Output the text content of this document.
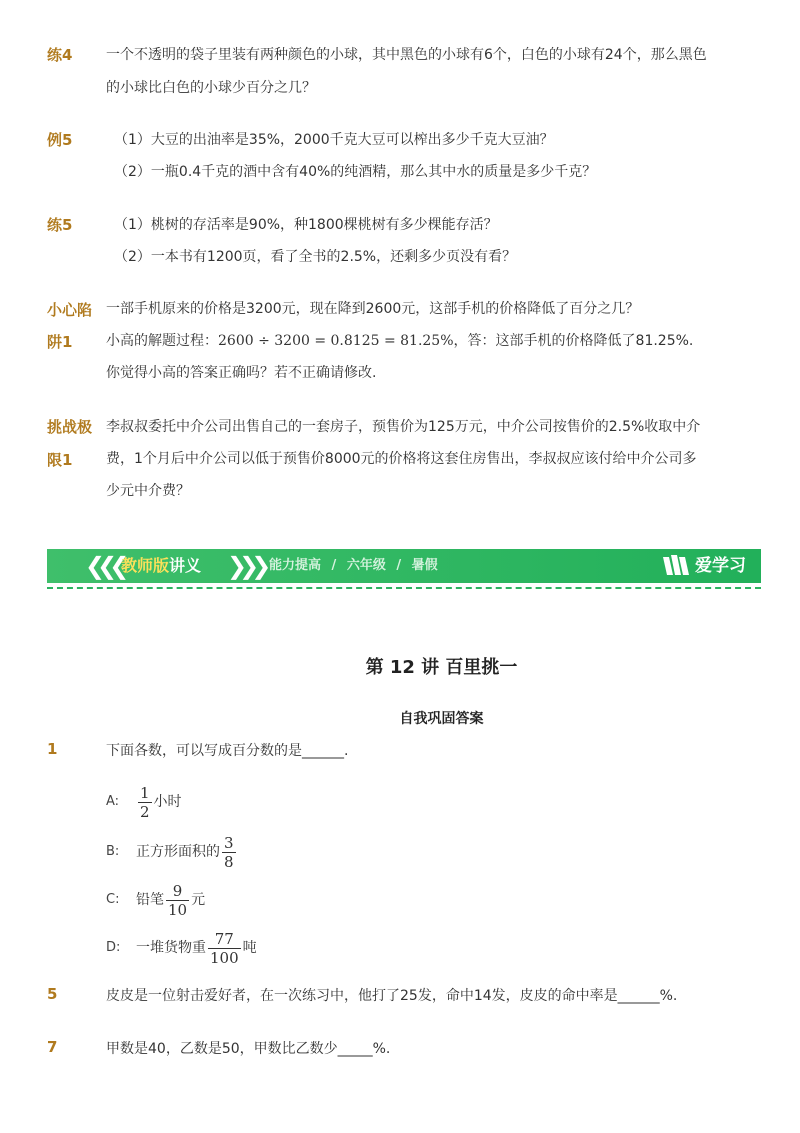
练4 一个不透明的袋子里装有两种颜色的小球，其中黑色的小球有6个，白色的小球有24个，那么黑色
的小球比白色的小球少百分之几？
例5	（1）大豆的出油率是35%，2000千克大豆可以榨出多少千克大豆油？
（2）一瓶0.4千克的酒中含有40%的纯酒精，那么其中水的质量是多少千克？
练5	（1）桃树的存活率是90%，种1800棵桃树有多少棵能存活？
（2）一本书有1200页，看了全书的2.5%，还剩多少页没有看？
小心陷
阱1
一部手机原来的价格是3200元，现在降到2600元，这部手机的价格降低了百分之几？
小高的解题过程：2600 ÷ 3200 = 0.8125 = 81.25%，答：这部手机的价格降低了81.25%.
你觉得小高的答案正确吗？若不正确请修改.
挑战极
限1
李叔叔委托中介公司出售自己的一套房子，预售价为125万元，中介公司按售价的2.5%收取中介
费，1个月后中介公司以低于预售价8000元的价格将这套住房售出，李叔叔应该付给中介公司多
少元中介费？
❮❮❮ 教师版讲义 ❯❯❯ 能力提高 / 六年级 / 暑假	爱学习
第 12 讲 百里挑一
自我巩固答案
1	下面各数，可以写成百分数的是______.
A:	$\frac{1}{2}$ 小时
B:	正方形面积的 $\frac{3}{8}$
C:	铅笔 $\frac{9}{10}$ 元
D:	一堆货物重 $\frac{77}{100}$ 吨
5	皮皮是一位射击爱好者，在一次练习中，他打了25发，命中14发，皮皮的命中率是______%.
7	甲数是40，乙数是50，甲数比乙数少_____%.
